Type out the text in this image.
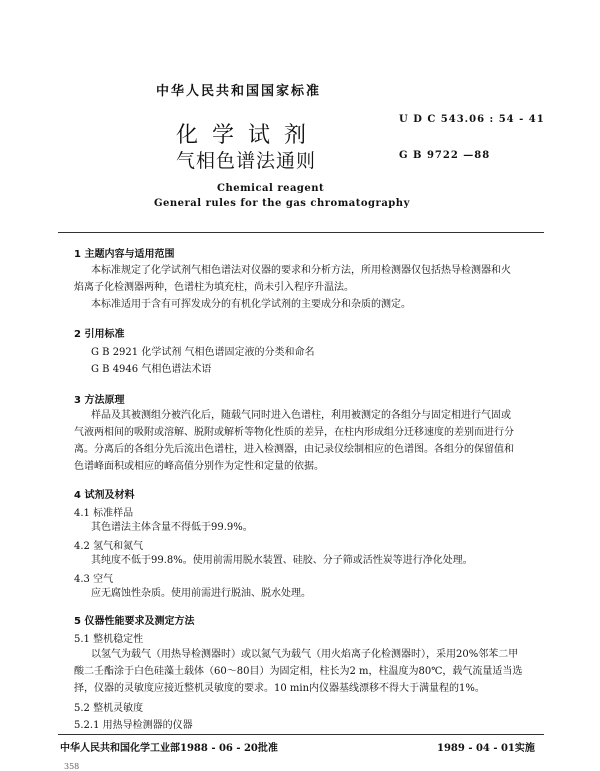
中华人民共和国国家标准
U D C 543.06 : 54 - 41
G B 9722 —88
化学试剂
气相色谱法通则
Chemical reagent
General rules for the gas chromatography
1 主题内容与适用范围
本标准规定了化学试剂气相色谱法对仪器的要求和分析方法，所用检测器仅包括热导检测器和火
焰离子化检测器两种，色谱柱为填充柱，尚未引入程序升温法。
本标准适用于含有可挥发成分的有机化学试剂的主要成分和杂质的测定。
2 引用标准
G B 2921 化学试剂 气相色谱固定液的分类和命名
G B 4946 气相色谱法术语
3 方法原理
样品及其被测组分被汽化后，随载气同时进入色谱柱，利用被测定的各组分与固定相进行气固或
气液两相间的吸附或溶解、脱附或解析等物化性质的差异，在柱内形成组分迁移速度的差别而进行分
离。分离后的各组分先后流出色谱柱，进入检测器，由记录仪绘制相应的色谱图。各组分的保留值和
色谱峰面积或相应的峰高值分别作为定性和定量的依据。
4 试剂及材料
4.1 标准样品
其色谱法主体含量不得低于99.9%。
4.2 氢气和氮气
其纯度不低于99.8%。使用前需用脱水装置、硅胶、分子筛或活性炭等进行净化处理。
4.3 空气
应无腐蚀性杂质。使用前需进行脱油、脱水处理。
5 仪器性能要求及测定方法
5.1 整机稳定性
以氢气为载气（用热导检测器时）或以氮气为载气（用火焰离子化检测器时），采用20%邻苯二甲
酸二壬酯涂于白色硅藻土载体（60～80目）为固定相，柱长为2 m，柱温度为80℃，载气流量适当选
择，仪器的灵敏度应接近整机灵敏度的要求。10 min内仪器基线漂移不得大于满量程的1%。
5.2 整机灵敏度
5.2.1 用热导检测器的仪器
中华人民共和国化学工业部1988 - 06 - 20批准	1989 - 04 - 01实施
358
